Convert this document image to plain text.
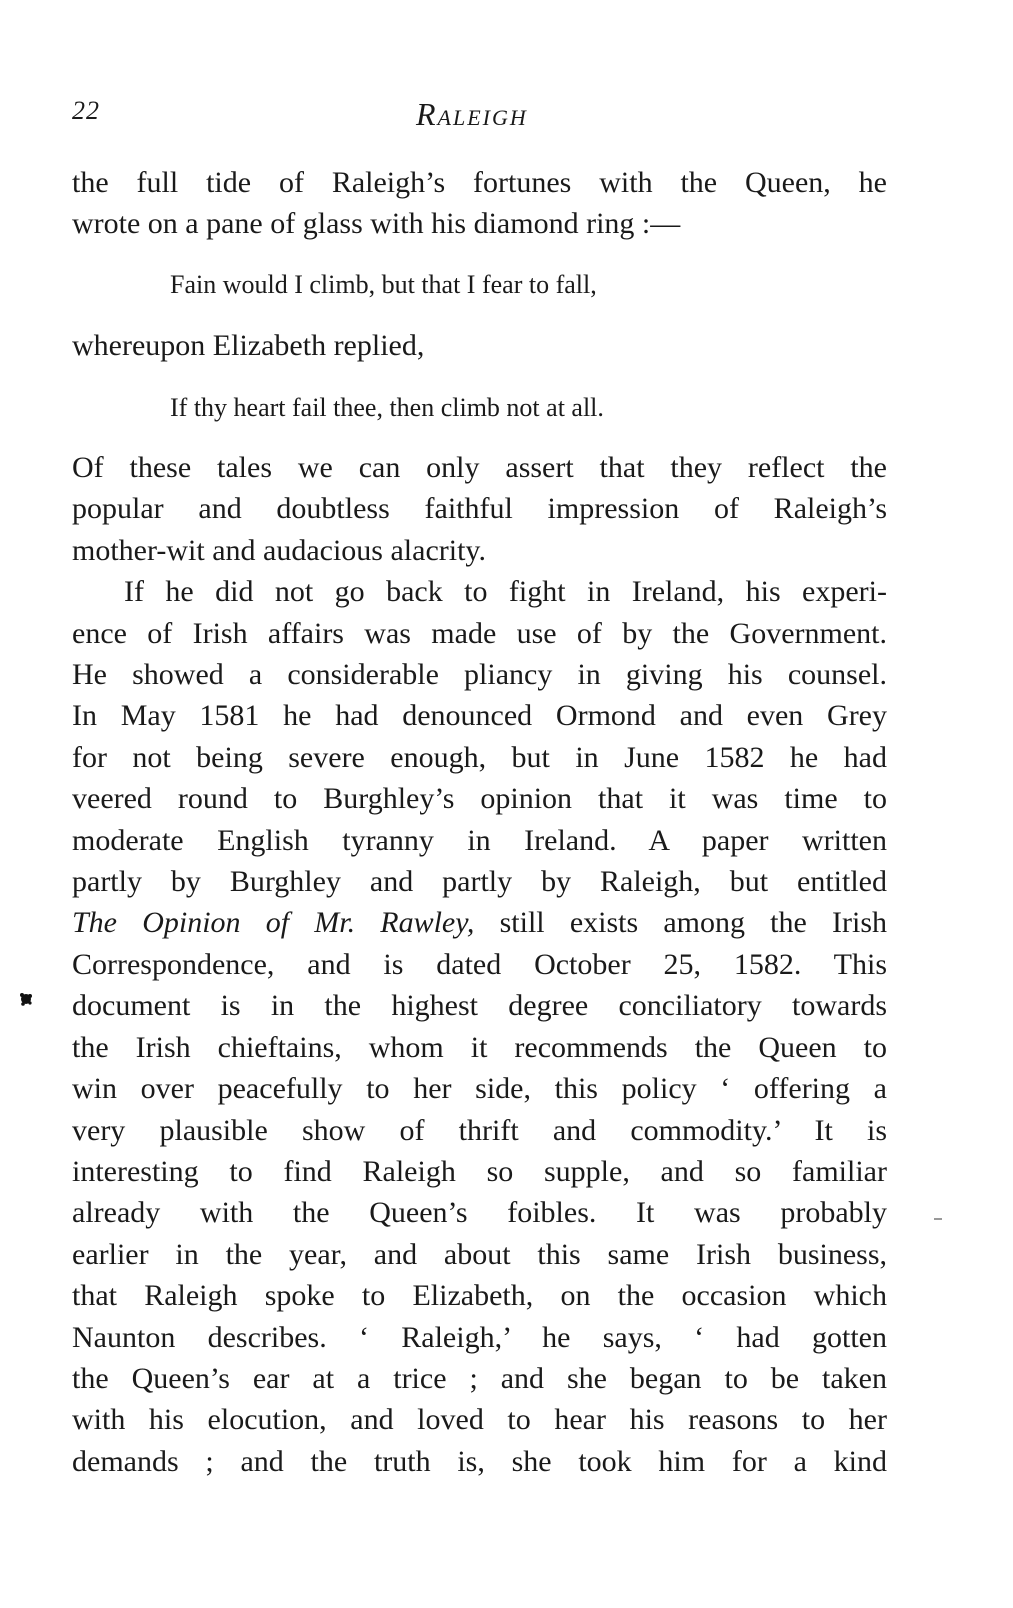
22	RALEIGH
the full tide of Raleigh’s fortunes with the Queen, he
wrote on a pane of glass with his diamond ring :—
Fain would I climb, but that I fear to fall,
whereupon Elizabeth replied,
If thy heart fail thee, then climb not at all.
Of these tales we can only assert that they reflect the
popular and doubtless faithful impression of Raleigh’s
mother-wit and audacious alacrity.
If he did not go back to fight in Ireland, his experi-
ence of Irish affairs was made use of by the Government.
He showed a considerable pliancy in giving his counsel.
In May 1581 he had denounced Ormond and even Grey
for not being severe enough, but in June 1582 he had
veered round to Burghley’s opinion that it was time to
moderate English tyranny in Ireland. A paper written
partly by Burghley and partly by Raleigh, but entitled
The Opinion of Mr. Rawley, still exists among the Irish
Correspondence, and is dated October 25, 1582. This
document is in the highest degree conciliatory towards
the Irish chieftains, whom it recommends the Queen to
win over peacefully to her side, this policy ‘ offering a
very plausible show of thrift and commodity.’ It is
interesting to find Raleigh so supple, and so familiar
already with the Queen’s foibles. It was probably
earlier in the year, and about this same Irish business,
that Raleigh spoke to Elizabeth, on the occasion which
Naunton describes. ‘ Raleigh,’ he says, ‘ had gotten
the Queen’s ear at a trice ; and she began to be taken
with his elocution, and loved to hear his reasons to her
demands ; and the truth is, she took him for a kind
